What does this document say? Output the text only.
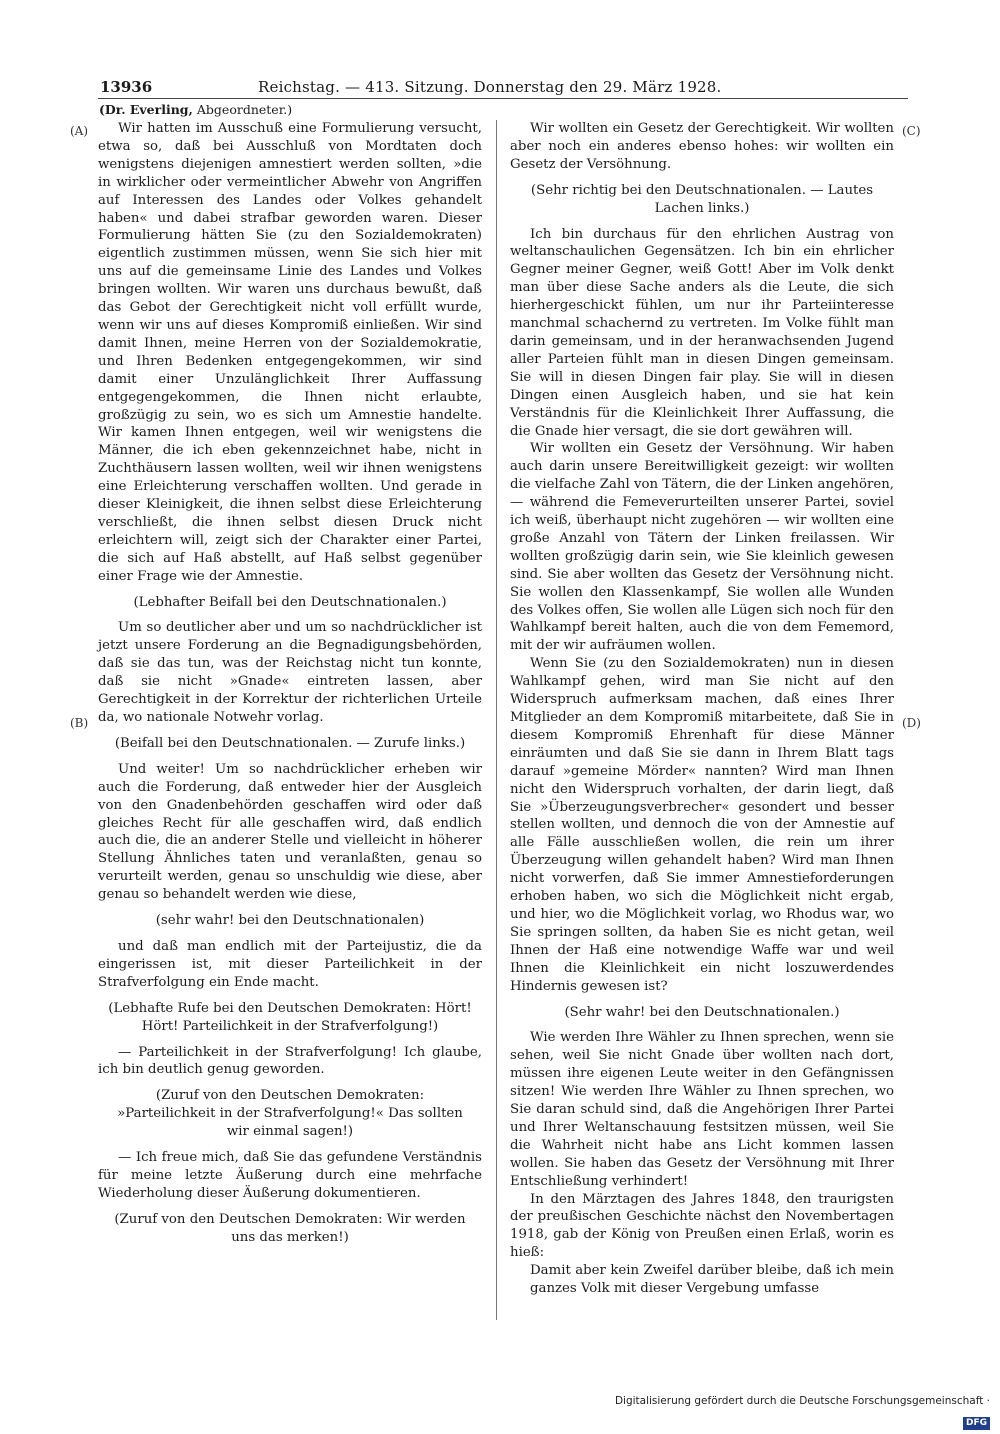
13936	Reichstag. — 413. Sitzung. Donnerstag den 29. März 1928.
(Dr. Everling, Abgeordneter.)
(A)
(B)
(C)
(D)

Wir hatten im Ausschuß eine Formulierung versucht, etwa so, daß bei Ausschluß von Mordtaten doch wenigstens diejenigen amnestiert werden sollten, »die in wirklicher oder vermeintlicher Abwehr von Angriffen auf Interessen des Landes oder Volkes gehandelt haben« und dabei strafbar geworden waren. Dieser Formulierung hätten Sie (zu den Sozialdemokraten) eigentlich zustimmen müssen, wenn Sie sich hier mit uns auf die gemeinsame Linie des Landes und Volkes bringen wollten. Wir waren uns durchaus bewußt, daß das Gebot der Gerechtigkeit nicht voll erfüllt wurde, wenn wir uns auf dieses Kompromiß einließen. Wir sind damit Ihnen, meine Herren von der Sozialdemokratie, und Ihren Bedenken entgegengekommen, wir sind damit einer Unzulänglichkeit Ihrer Auffassung entgegengekommen, die Ihnen nicht erlaubte, großzügig zu sein, wo es sich um Amnestie handelte. Wir kamen Ihnen entgegen, weil wir wenigstens die Männer, die ich eben gekennzeichnet habe, nicht in Zuchthäusern lassen wollten, weil wir ihnen wenigstens eine Erleichterung verschaffen wollten. Und gerade in dieser Kleinigkeit, die ihnen selbst diese Erleichterung verschließt, die ihnen selbst diesen Druck nicht erleichtern will, zeigt sich der Charakter einer Partei, die sich auf Haß abstellt, auf Haß selbst gegenüber einer Frage wie der Amnestie.

(Lebhafter Beifall bei den Deutschnationalen.)

Um so deutlicher aber und um so nachdrücklicher ist jetzt unsere Forderung an die Begnadigungsbehörden, daß sie das tun, was der Reichstag nicht tun konnte, daß sie nicht »Gnade« eintreten lassen, aber Gerechtigkeit in der Korrektur der richterlichen Urteile da, wo nationale Notwehr vorlag.

(Beifall bei den Deutschnationalen. — Zurufe links.)

Und weiter! Um so nachdrücklicher erheben wir auch die Forderung, daß entweder hier der Ausgleich von den Gnadenbehörden geschaffen wird oder daß gleiches Recht für alle geschaffen wird, daß endlich auch die, die an anderer Stelle und vielleicht in höherer Stellung Ähnliches taten und veranlaßten, genau so verurteilt werden, genau so unschuldig wie diese, aber genau so behandelt werden wie diese,

(sehr wahr! bei den Deutschnationalen)

und daß man endlich mit der Parteijustiz, die da eingerissen ist, mit dieser Parteilichkeit in der Strafverfolgung ein Ende macht.

(Lebhafte Rufe bei den Deutschen Demokraten: Hört! Hört! Parteilichkeit in der Strafverfolgung!)

— Parteilichkeit in der Strafverfolgung! Ich glaube, ich bin deutlich genug geworden.

(Zuruf von den Deutschen Demokraten: »Parteilichkeit in der Strafverfolgung!« Das sollten wir einmal sagen!)

— Ich freue mich, daß Sie das gefundene Verständnis für meine letzte Äußerung durch eine mehrfache Wiederholung dieser Äußerung dokumentieren.

(Zuruf von den Deutschen Demokraten: Wir werden uns das merken!)

Wir wollten ein Gesetz der Gerechtigkeit. Wir wollten aber noch ein anderes ebenso hohes: wir wollten ein Gesetz der Versöhnung.

(Sehr richtig bei den Deutschnationalen. — Lautes Lachen links.)

Ich bin durchaus für den ehrlichen Austrag von weltanschaulichen Gegensätzen. Ich bin ein ehrlicher Gegner meiner Gegner, weiß Gott! Aber im Volk denkt man über diese Sache anders als die Leute, die sich hierhergeschickt fühlen, um nur ihr Parteiinteresse manchmal schachernd zu vertreten. Im Volke fühlt man darin gemeinsam, und in der heranwachsenden Jugend aller Parteien fühlt man in diesen Dingen gemeinsam. Sie will in diesen Dingen fair play. Sie will in diesen Dingen einen Ausgleich haben, und sie hat kein Verständnis für die Kleinlichkeit Ihrer Auffassung, die die Gnade hier versagt, die sie dort gewähren will.

Wir wollten ein Gesetz der Versöhnung. Wir haben auch darin unsere Bereitwilligkeit gezeigt: wir wollten die vielfache Zahl von Tätern, die der Linken angehören, — während die Femeverurteilten unserer Partei, soviel ich weiß, überhaupt nicht zugehören — wir wollten eine große Anzahl von Tätern der Linken freilassen. Wir wollten großzügig darin sein, wie Sie kleinlich gewesen sind. Sie aber wollten das Gesetz der Versöhnung nicht. Sie wollen den Klassenkampf, Sie wollen alle Wunden des Volkes offen, Sie wollen alle Lügen sich noch für den Wahlkampf bereit halten, auch die von dem Fememord, mit der wir aufräumen wollen.

Wenn Sie (zu den Sozialdemokraten) nun in diesen Wahlkampf gehen, wird man Sie nicht auf den Widerspruch aufmerksam machen, daß eines Ihrer Mitglieder an dem Kompromiß mitarbeitete, daß Sie in diesem Kompromiß Ehrenhaft für diese Männer einräumten und daß Sie sie dann in Ihrem Blatt tags darauf »gemeine Mörder« nannten? Wird man Ihnen nicht den Widerspruch vorhalten, der darin liegt, daß Sie »Überzeugungsverbrecher« gesondert und besser stellen wollten, und dennoch die von der Amnestie auf alle Fälle ausschließen wollen, die rein um ihrer Überzeugung willen gehandelt haben? Wird man Ihnen nicht vorwerfen, daß Sie immer Amnestieforderungen erhoben haben, wo sich die Möglichkeit nicht ergab, und hier, wo die Möglichkeit vorlag, wo Rhodus war, wo Sie springen sollten, da haben Sie es nicht getan, weil Ihnen der Haß eine notwendige Waffe war und weil Ihnen die Kleinlichkeit ein nicht loszuwerdendes Hindernis gewesen ist?

(Sehr wahr! bei den Deutschnationalen.)

Wie werden Ihre Wähler zu Ihnen sprechen, wenn sie sehen, weil Sie nicht Gnade über wollten nach dort, müssen ihre eigenen Leute weiter in den Gefängnissen sitzen! Wie werden Ihre Wähler zu Ihnen sprechen, wo Sie daran schuld sind, daß die Angehörigen Ihrer Partei und Ihrer Weltanschauung festsitzen müssen, weil Sie die Wahrheit nicht habe ans Licht kommen lassen wollen. Sie haben das Gesetz der Versöhnung mit Ihrer Entschließung verhindert!

In den Märztagen des Jahres 1848, den traurigsten der preußischen Geschichte nächst den Novembertagen 1918, gab der König von Preußen einen Erlaß, worin es hieß:

Damit aber kein Zweifel darüber bleibe, daß ich mein ganzes Volk mit dieser Vergebung umfasse

Digitalisierung gefördert durch die Deutsche Forschungsgemeinschaft · DFG
